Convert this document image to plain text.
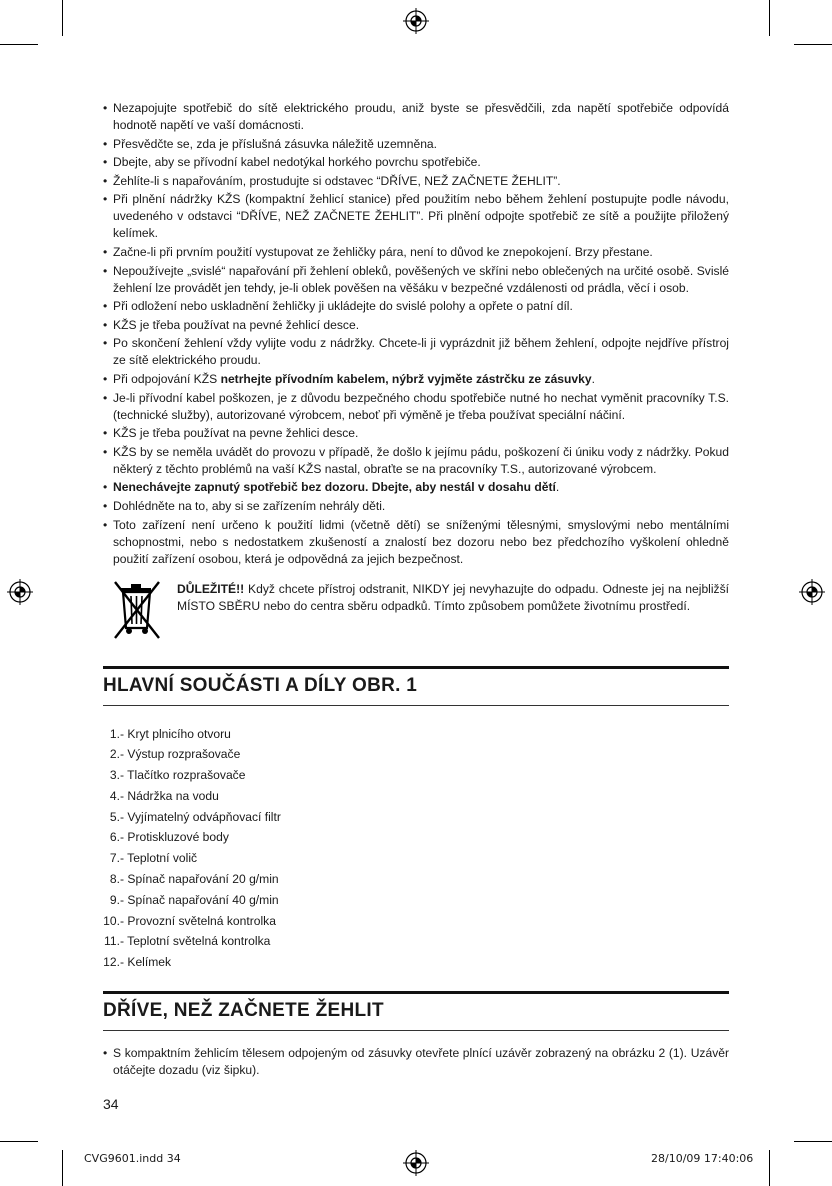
• Nezapojujte spotřebič do sítě elektrického proudu, aniž byste se přesvědčili, zda napětí spotřebiče odpovídá hodnotě napětí ve vaší domácnosti.
• Přesvědčte se, zda je příslušná zásuvka náležitě uzemněna.
• Dbejte, aby se přívodní kabel nedotýkal horkého povrchu spotřebiče.
• Žehlíte-li s napařováním, prostudujte si odstavec “DŘÍVE, NEŽ ZAČNETE ŽEHLIT”.
• Při plnění nádržky KŽS (kompaktní žehlicí stanice) před použitím nebo během žehlení postupujte podle návodu, uvedeného v odstavci “DŘÍVE, NEŽ ZAČNETE ŽEHLIT”. Při plnění odpojte spotřebič ze sítě a použijte přiložený kelímek.
• Začne-li při prvním použití vystupovat ze žehličky pára, není to důvod ke znepokojení. Brzy přestane.
• Nepoužívejte „svislé“ napařování při žehlení obleků, pověšených ve skříni nebo oblečených na určité osobě. Svislé žehlení lze provádět jen tehdy, je-li oblek pověšen na věšáku v bezpečné vzdálenosti od prádla, věcí i osob.
• Při odložení nebo uskladnění žehličky ji ukládejte do svislé polohy a opřete o patní díl.
• KŽS je třeba používat na pevné žehlicí desce.
• Po skončení žehlení vždy vylijte vodu z nádržky. Chcete-li ji vyprázdnit již během žehlení, odpojte nejdříve přístroj ze sítě elektrického proudu.
• Při odpojování KŽS netrhejte přívodním kabelem, nýbrž vyjměte zástrčku ze zásuvky.
• Je-li přívodní kabel poškozen, je z důvodu bezpečného chodu spotřebiče nutné ho nechat vyměnit pracovníky T.S. (technické služby), autorizované výrobcem, neboť při výměně je třeba používat speciální náčiní.
• KŽS je třeba používat na pevne žehlici desce.
• KŽS by se neměla uvádět do provozu v případě, že došlo k jejímu pádu, poškození či úniku vody z nádržky. Pokud některý z těchto problémů na vaší KŽS nastal, obraťte se na pracovníky T.S., autorizované výrobcem.
• Nenechávejte zapnutý spotřebič bez dozoru. Dbejte, aby nestál v dosahu dětí.
• Dohlédněte na to, aby si se zařízením nehrály děti.
• Toto zařízení není určeno k použití lidmi (včetně dětí) se sníženými tělesnými, smyslovými nebo mentálními schopnostmi, nebo s nedostatkem zkušeností a znalostí bez dozoru nebo bez předchozího vyškolení ohledně použití zařízení osobou, která je odpovědná za jejich bezpečnost.
DŮLEŽITÉ!! Když chcete přístroj odstranit, NIKDY jej nevyhazujte do odpadu. Odneste jej na nejbližší MÍSTO SBĚRU nebo do centra sběru odpadků. Tímto způsobem pomůžete životnímu prostředí.
HLAVNÍ SOUČÁSTI A DÍLY OBR. 1
1.- Kryt plnicího otvoru
2.- Výstup rozprašovače
3.- Tlačítko rozprašovače
4.- Nádržka na vodu
5.- Vyjímatelný odvápňovací filtr
6.- Protiskluzové body
7.- Teplotní volič
8.- Spínač napařování 20 g/min
9.- Spínač napařování 40 g/min
10.- Provozní světelná kontrolka
11.- Teplotní světelná kontrolka
12.- Kelímek
DŘÍVE, NEŽ ZAČNETE ŽEHLIT
• S kompaktním žehlicím tělesem odpojeným od zásuvky otevřete plnící uzávěr zobrazený na obrázku 2 (1). Uzávěr otáčejte dozadu (viz šipku).
34
CVG9601.indd 34	28/10/09 17:40:06
